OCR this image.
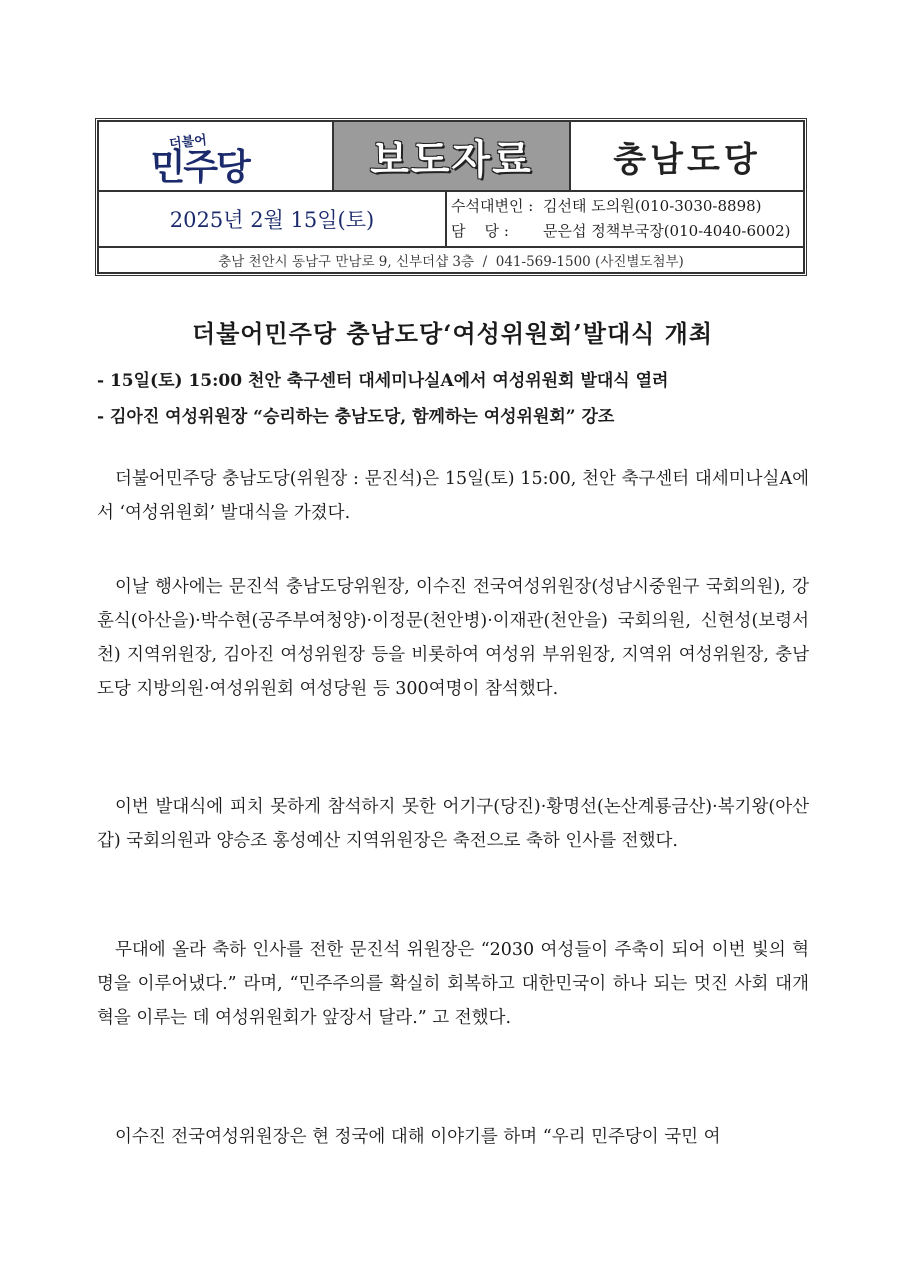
더불어
민주당	보도자료 충남도당
2025년 2월 15일(토)
수석대변인 : 김선태 도의원(010-3030-8898)
담    당 :	문은섭 정책부국장(010-4040-6002)
충남 천안시 동남구 만남로 9, 신부더샵 3층  /  041-569-1500 (사진별도첨부)
더불어민주당 충남도당‘여성위원회’발대식 개최
- 15일(토) 15:00 천안 축구센터 대세미나실A에서 여성위원회 발대식 열려
- 김아진 여성위원장 “승리하는 충남도당, 함께하는 여성위원회” 강조

더불어민주당 충남도당(위원장 : 문진석)은 15일(토) 15:00, 천안 축구센터 대세미나실A에서 ‘여성위원회’ 발대식을 가졌다.

이날 행사에는 문진석 충남도당위원장, 이수진 전국여성위원장(성남시중원구 국회의원), 강훈식(아산을)·박수현(공주부여청양)·이정문(천안병)·이재관(천안을) 국회의원, 신현성(보령서천) 지역위원장, 김아진 여성위원장 등을 비롯하여 여성위 부위원장, 지역위 여성위원장, 충남도당 지방의원·여성위원회 여성당원 등 300여명이 참석했다.

이번 발대식에 피치 못하게 참석하지 못한 어기구(당진)·황명선(논산계룡금산)·복기왕(아산갑) 국회의원과 양승조 홍성예산 지역위원장은 축전으로 축하 인사를 전했다.

무대에 올라 축하 인사를 전한 문진석 위원장은 “2030 여성들이 주축이 되어 이번 빛의 혁명을 이루어냈다.” 라며, “민주주의를 확실히 회복하고 대한민국이 하나 되는 멋진 사회 대개혁을 이루는 데 여성위원회가 앞장서 달라.” 고 전했다.

이수진 전국여성위원장은 현 정국에 대해 이야기를 하며 “우리 민주당이 국민 여
